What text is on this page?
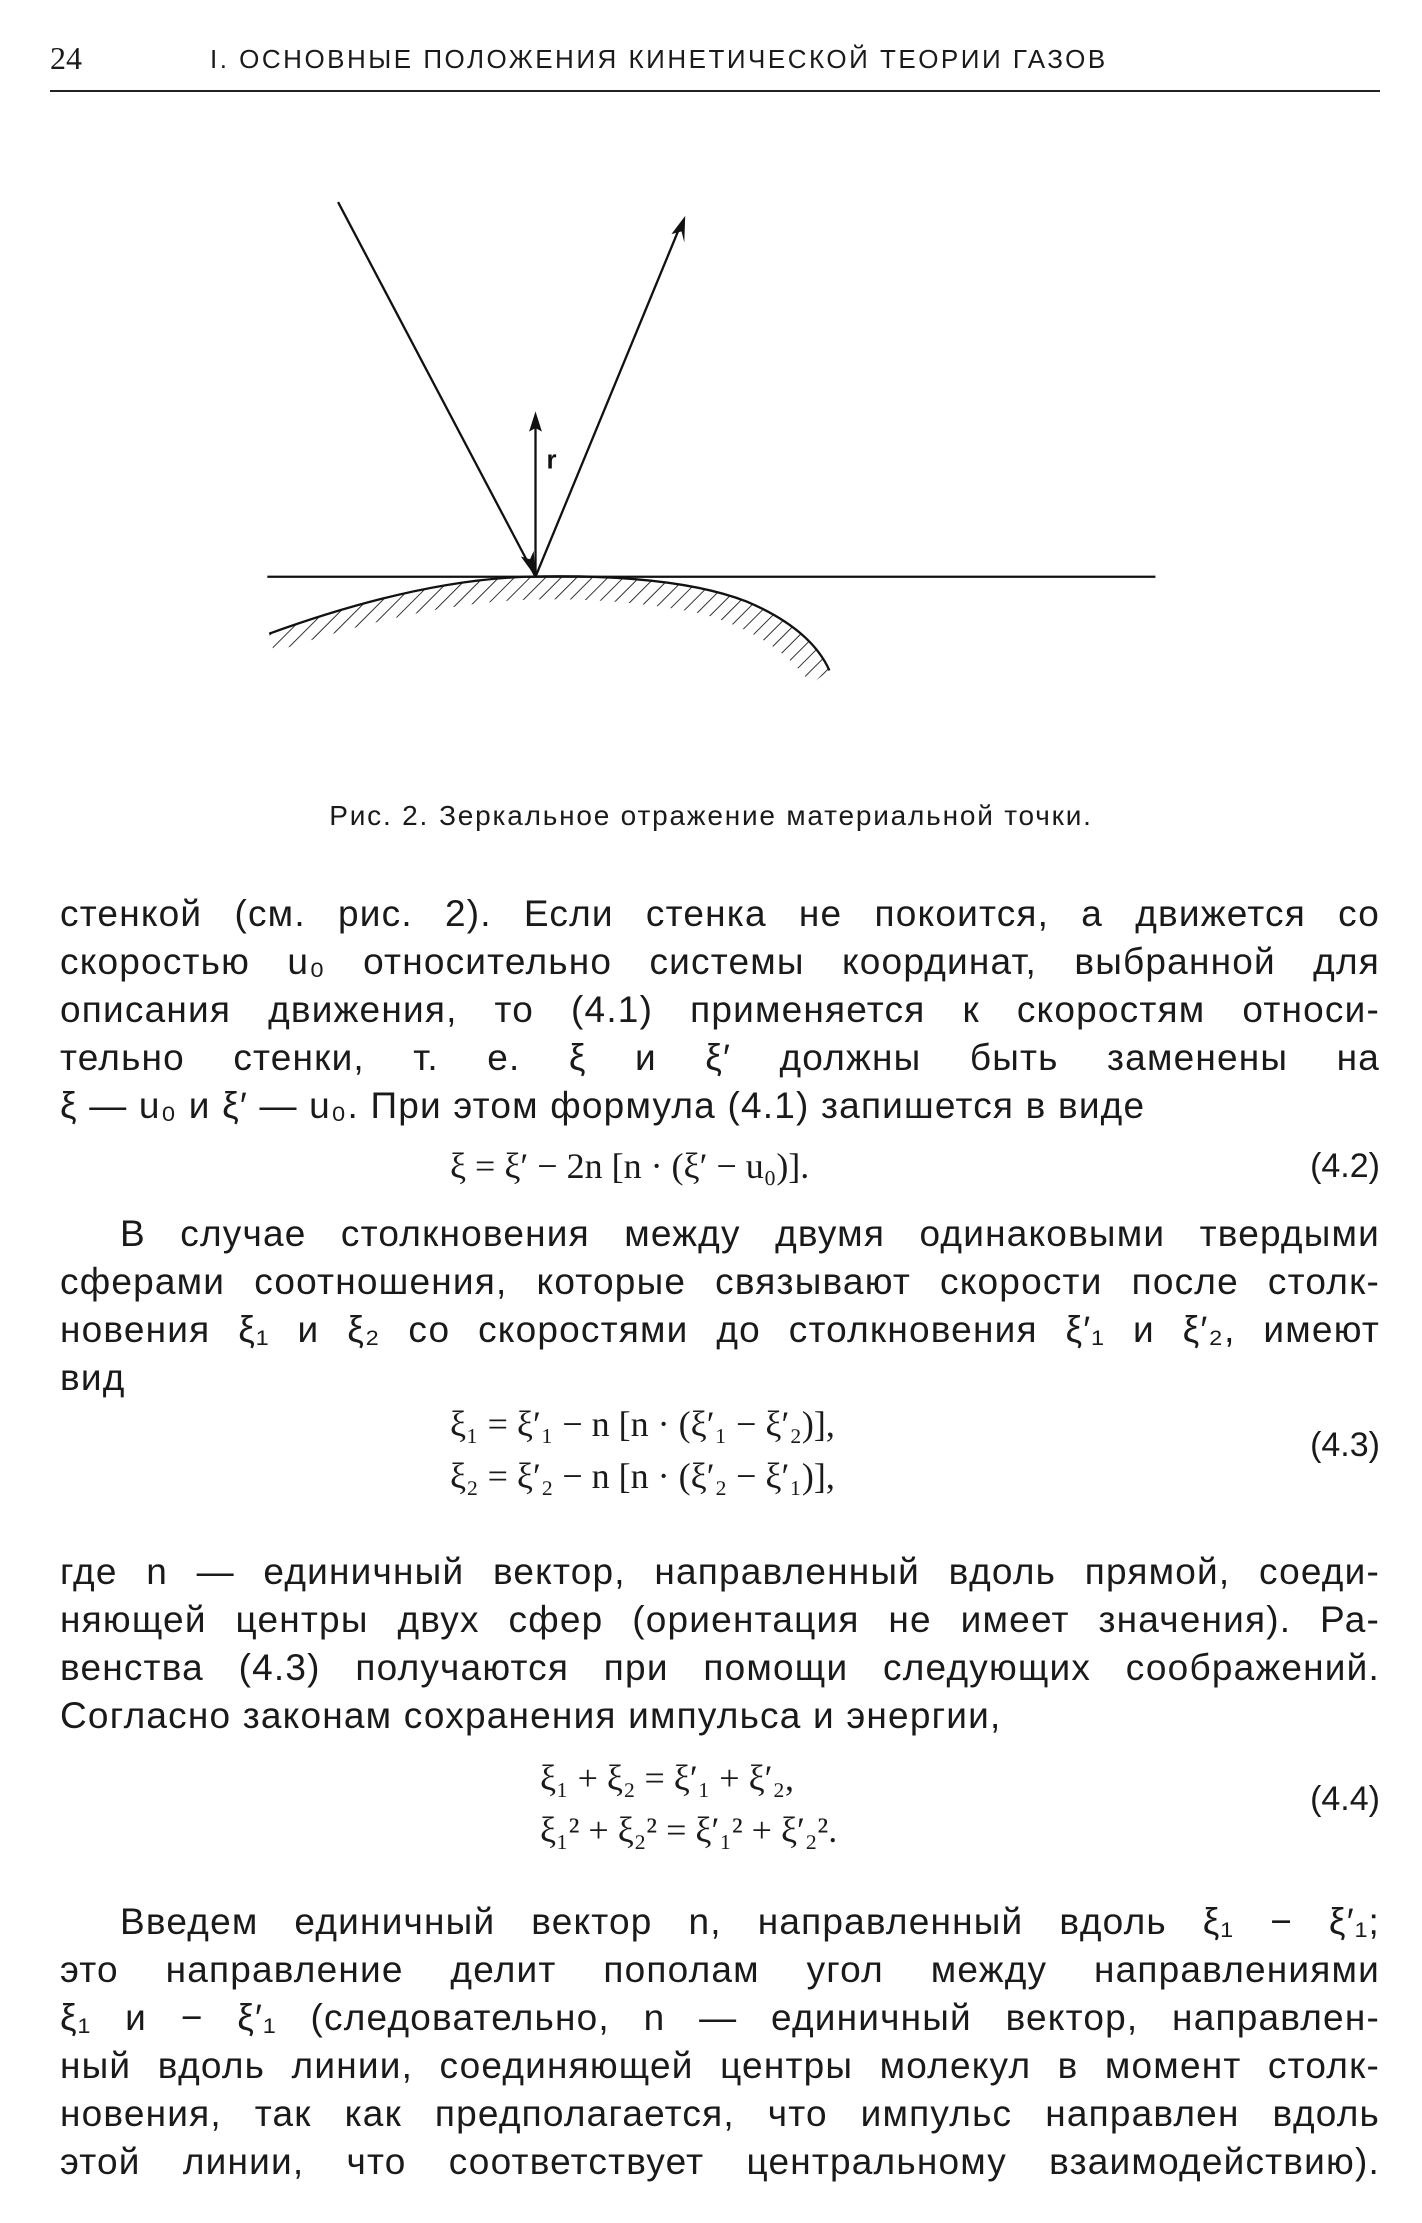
24	I. ОСНОВНЫЕ ПОЛОЖЕНИЯ КИНЕТИЧЕСКОЙ ТЕОРИИ ГАЗОВ
r
Рис. 2. Зеркальное отражение материальной точки.
стенкой (см. рис. 2). Если стенка не покоится, а движется со
скоростью u₀ относительно системы координат, выбранной для
описания движения, то (4.1) применяется к скоростям относи-
тельно стенки, т. е. ξ и ξ′ должны быть заменены на
ξ — u₀ и ξ′ — u₀. При этом формула (4.1) запишется в виде
ξ = ξ′ − 2n [n · (ξ′ − u₀)].	(4.2)
В случае столкновения между двумя одинаковыми твердыми
сферами соотношения, которые связывают скорости после столк-
новения ξ₁ и ξ₂ со скоростями до столкновения ξ′₁ и ξ′₂, имеют
вид
ξ₁ = ξ′₁ − n [n · (ξ′₁ − ξ′₂)],
ξ₂ = ξ′₂ − n [n · (ξ′₂ − ξ′₁)],
(4.3)
где n — единичный вектор, направленный вдоль прямой, соеди-
няющей центры двух сфер (ориентация не имеет значения). Ра-
венства (4.3) получаются при помощи следующих соображений.
Согласно законам сохранения импульса и энергии,
ξ₁ + ξ₂ = ξ′₁ + ξ′₂,
ξ₁² + ξ₂² = ξ′₁² + ξ′₂².
(4.4)
Введем единичный вектор n, направленный вдоль ξ₁ − ξ′₁;
это направление делит пополам угол между направлениями
ξ₁ и − ξ′₁ (следовательно, n — единичный вектор, направлен-
ный вдоль линии, соединяющей центры молекул в момент столк-
новения, так как предполагается, что импульс направлен вдоль
этой линии, что соответствует центральному взаимодействию).
